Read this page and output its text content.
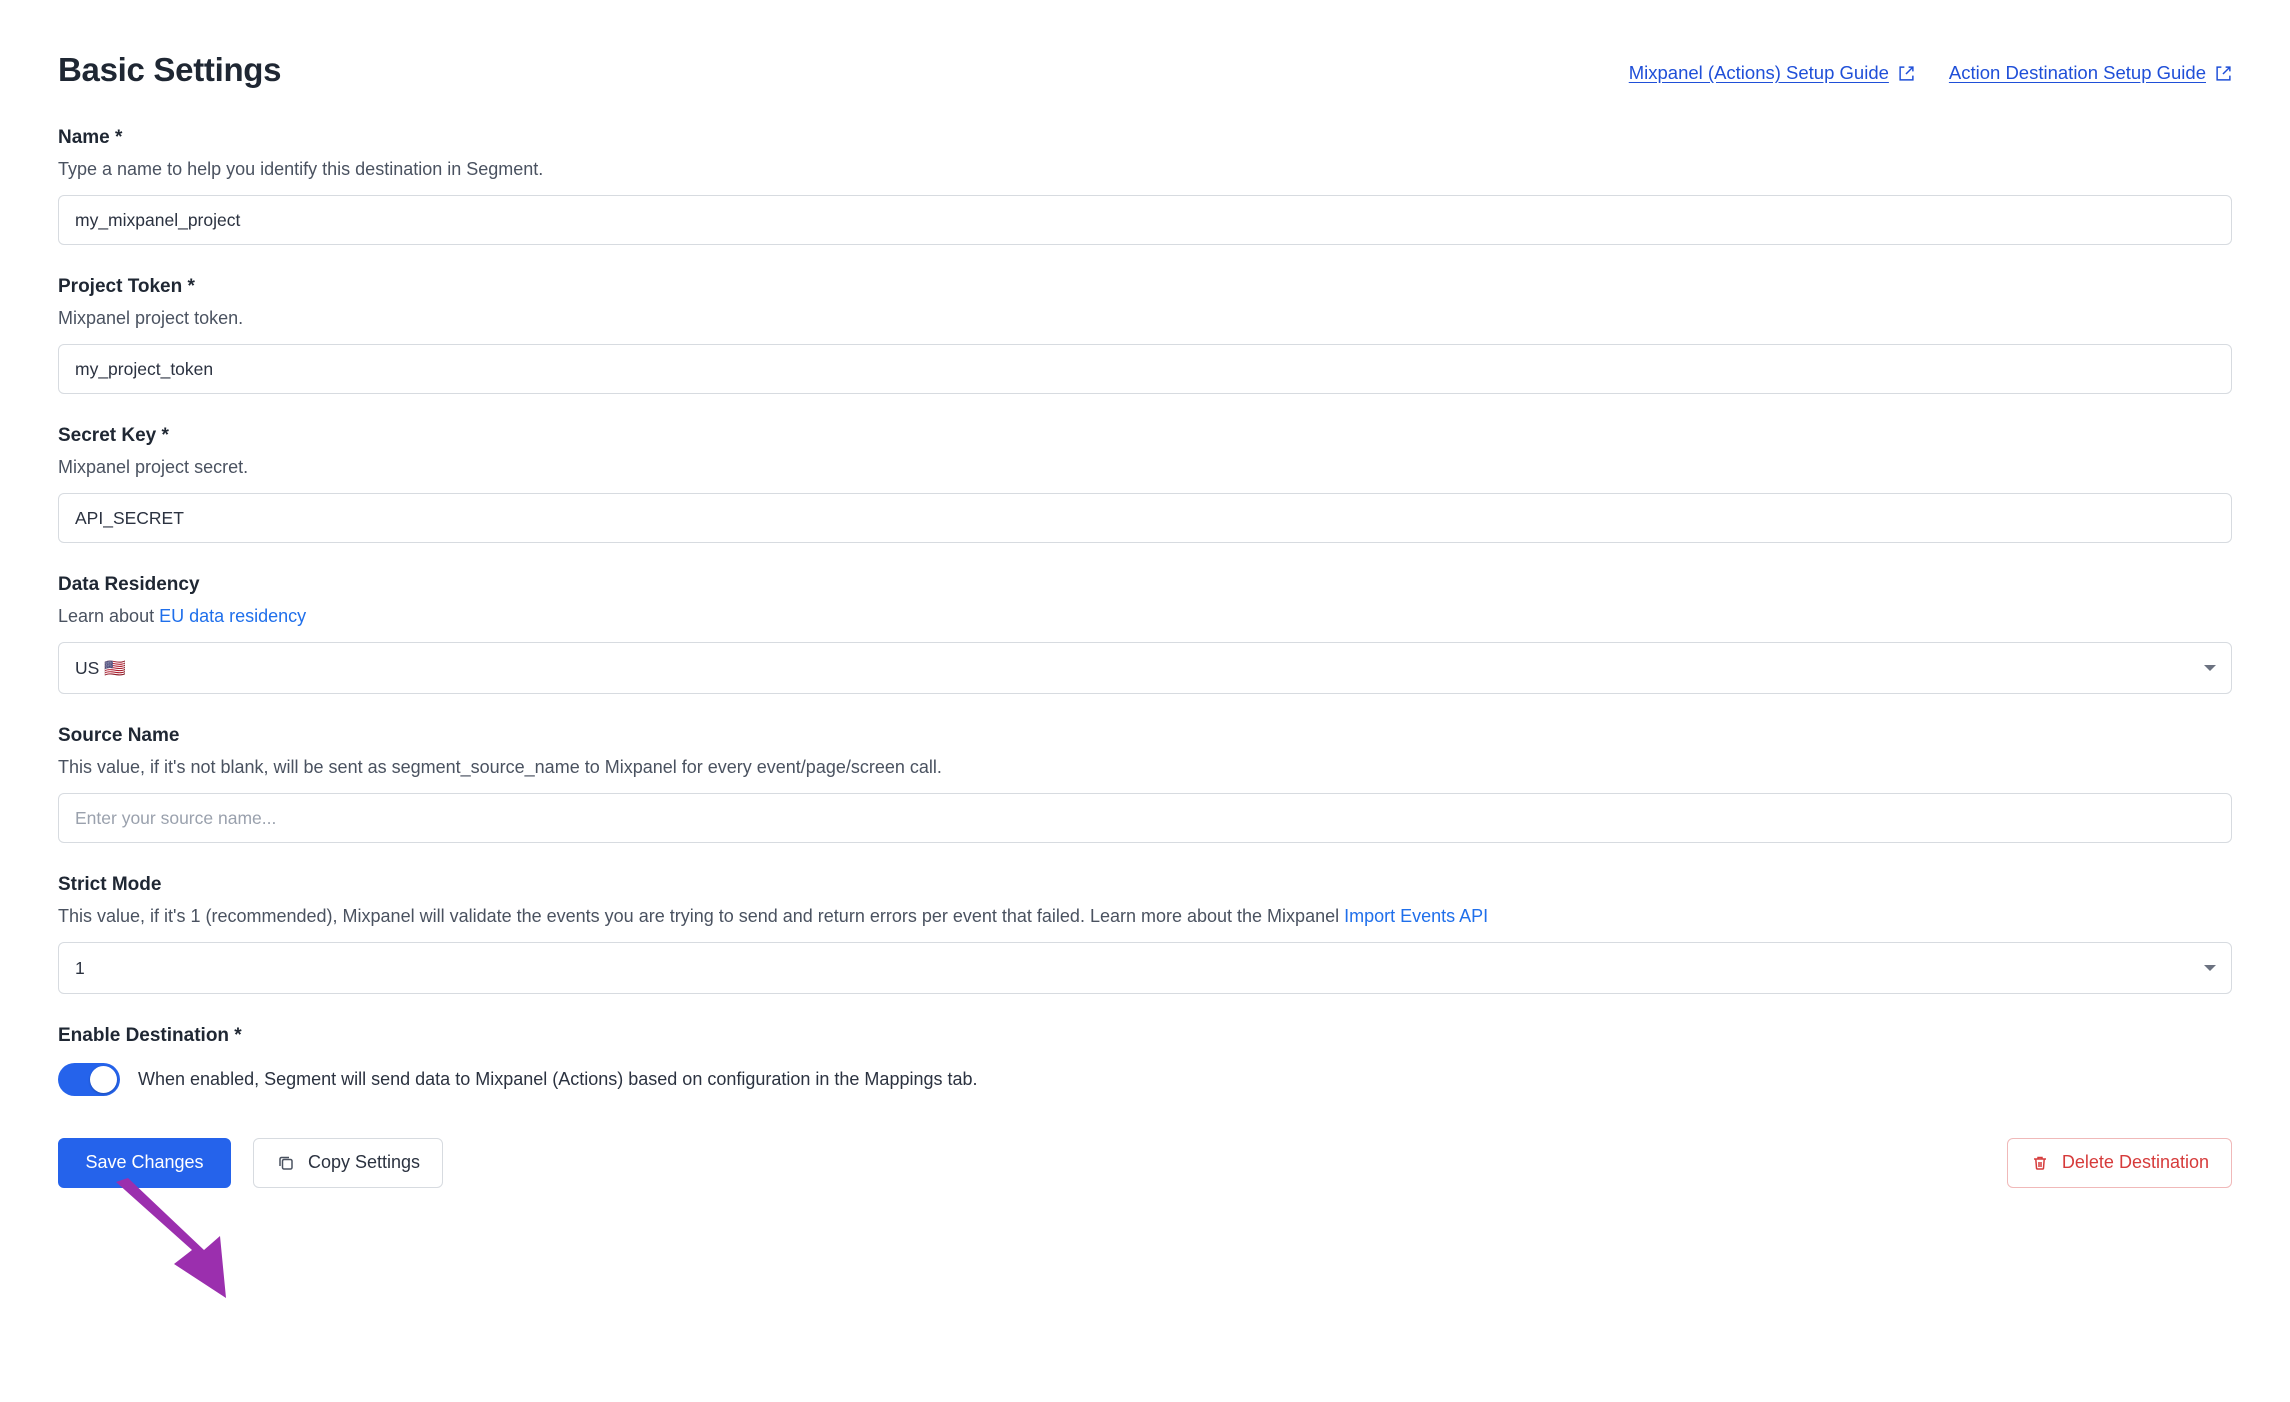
Basic Settings	Mixpanel (Actions) Setup Guide	Action Destination Setup Guide
Name *
Type a name to help you identify this destination in Segment.
my_mixpanel_project
Project Token *
Mixpanel project token.
my_project_token
Secret Key *
Mixpanel project secret.
API_SECRET
Data Residency
Learn about EU data residency
US 🇺🇸
Source Name
This value, if it's not blank, will be sent as segment_source_name to Mixpanel for every event/page/screen call.
Enter your source name...
Strict Mode
This value, if it's 1 (recommended), Mixpanel will validate the events you are trying to send and return errors per event that failed. Learn more about the Mixpanel Import Events API
1
Enable Destination *
When enabled, Segment will send data to Mixpanel (Actions) based on configuration in the Mappings tab.
Save Changes	Copy Settings	Delete Destination
